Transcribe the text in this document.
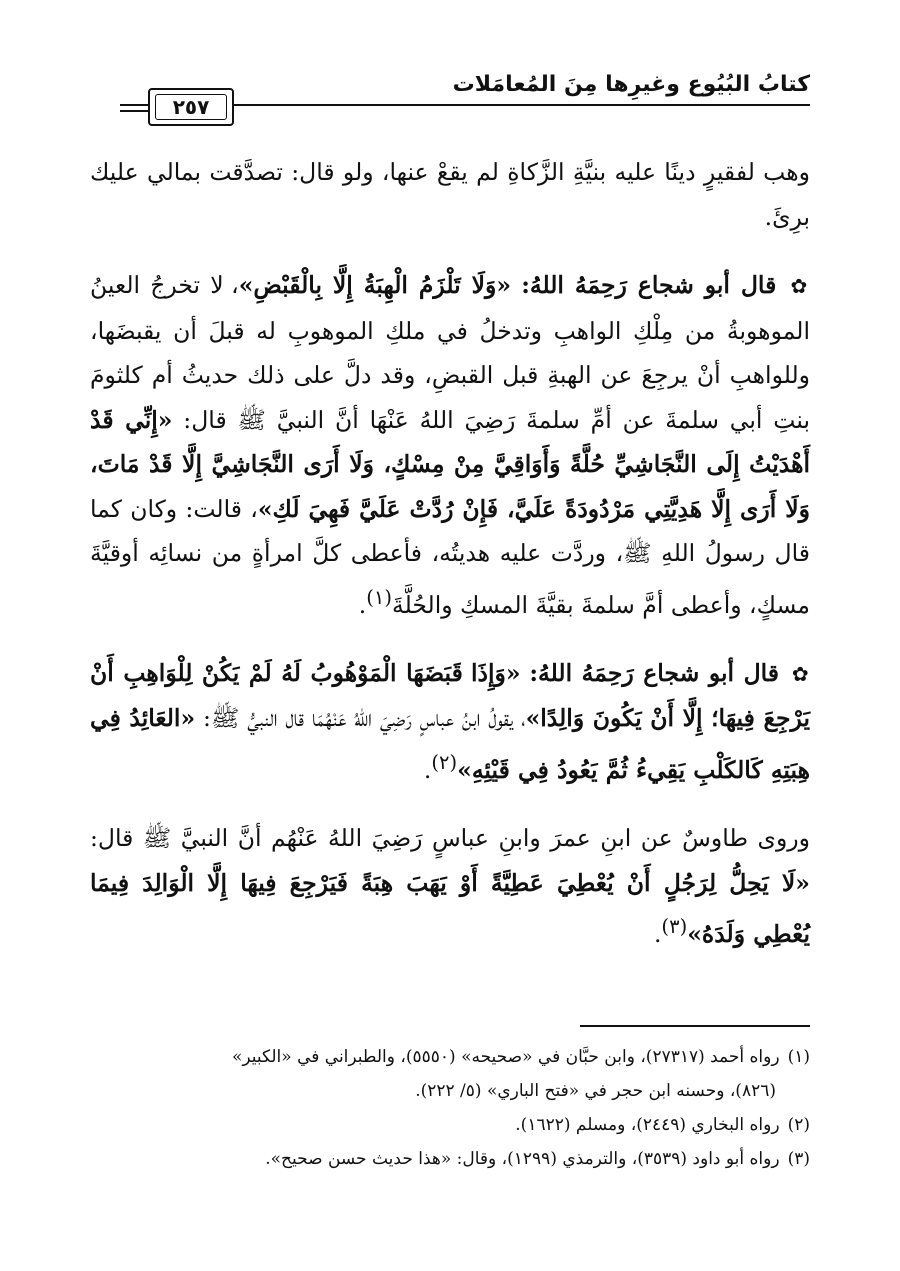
كتابُ البُيُوع وغيرِها مِنَ المُعامَلات
٢٥٧

وهب لفقيرٍ دينًا عليه بنيَّةِ الزَّكاةِ لم يقعْ عنها، ولو قال: تصدَّقت بمالي عليك برِئَ.

✿ قال أبو شجاع رَحِمَهُ اللهُ: «وَلَا تَلْزَمُ الْهِبَةُ إِلَّا بِالْقَبْضِ»، لا تخرجُ العينُ الموهوبةُ من مِلْكِ الواهبِ وتدخلُ في ملكِ الموهوبِ له قبلَ أن يقبضَها، وللواهبِ أنْ يرجِعَ عن الهبةِ قبل القبضِ، وقد دلَّ على ذلك حديثُ أم كلثومَ بنتِ أبي سلمةَ عن أمِّ سلمةَ رَضِيَ اللهُ عَنْهَا أنَّ النبيَّ ﷺ قال: «إِنِّي قَدْ أَهْدَيْتُ إِلَى النَّجَاشِيِّ حُلَّةً وَأَوَاقِيَّ مِنْ مِسْكٍ، وَلَا أَرَى النَّجَاشِيَّ إِلَّا قَدْ مَاتَ، وَلَا أَرَى إِلَّا هَدِيَّتِي مَرْدُودَةً عَلَيَّ، فَإِنْ رُدَّتْ عَلَيَّ فَهِيَ لَكِ»، قالت: وكان كما قال رسولُ اللهِ ﷺ، وردَّت عليه هديتُه، فأعطى كلَّ امرأةٍ من نسائِه أوقيَّةَ مسكٍ، وأعطى أمَّ سلمةَ بقيَّةَ المسكِ والحُلَّةَ$^{(١)}$.

✿ قال أبو شجاع رَحِمَهُ اللهُ: «وَإِذَا قَبَضَهَا الْمَوْهُوبُ لَهُ لَمْ يَكُنْ لِلْوَاهِبِ أَنْ يَرْجِعَ فِيهَا؛ إِلَّا أَنْ يَكُونَ وَالِدًا»، يقولُ ابنُ عباسٍ رَضِيَ اللهُ عَنْهُمَا قال النبيُّ ﷺ: «العَائِدُ فِي هِبَتِهِ كَالكَلْبِ يَقِيءُ ثُمَّ يَعُودُ فِي قَيْئِهِ»$^{(٢)}$.

وروى طاوسٌ عن ابنِ عمرَ وابنِ عباسٍ رَضِيَ اللهُ عَنْهُم أنَّ النبيَّ ﷺ قال: «لَا يَحِلُّ لِرَجُلٍ أَنْ يُعْطِيَ عَطِيَّةً أَوْ يَهَبَ هِبَةً فَيَرْجِعَ فِيهَا إِلَّا الْوَالِدَ فِيمَا يُعْطِي وَلَدَهُ»$^{(٣)}$.

(١)رواه أحمد (٢٧٣١٧)، وابن حبَّان في «صحيحه» (٥٥٥٠)، والطبراني في «الكبير»

(٨٢٦)، وحسنه ابن حجر في «فتح الباري» (٥/ ٢٢٢).

(٢)رواه البخاري (٢٤٤٩)، ومسلم (١٦٢٢).

(٣)رواه أبو داود (٣٥٣٩)، والترمذي (١٢٩٩)، وقال: «هذا حديث حسن صحيح».
